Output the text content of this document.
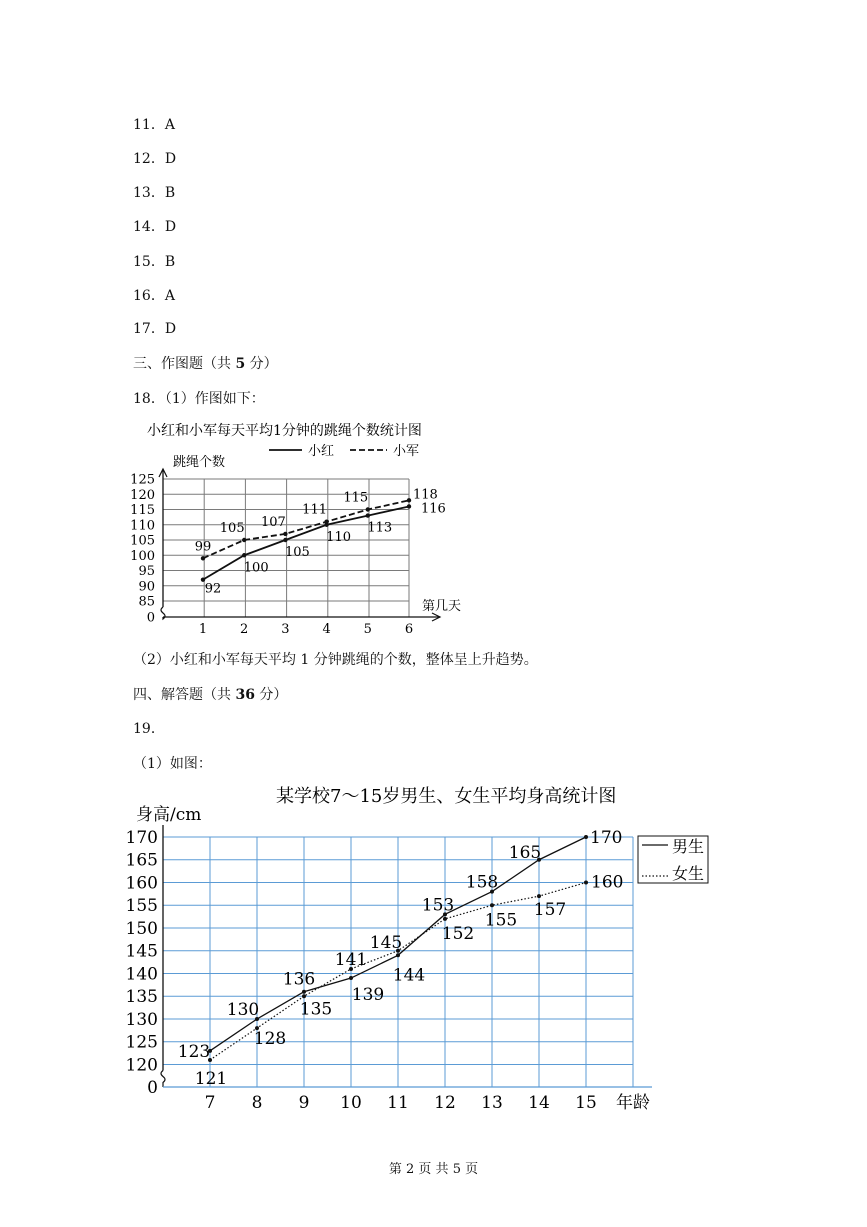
11．A
12．D
13．B
14．D
15．B
16．A
17．D
三、作图题（共 5 分）
18．（1）作图如下：
小红和小军每天平均1分钟的跳绳个数统计图
跳绳个数
小红	小军
0
85
90
95
100
105
110
115
120
125
1	2	3	4	5	6
92
100
105
110
113
116
99
105 107
111
115	118
第几天
（2）小红和小军每天平均 1 分钟跳绳的个数，整体呈上升趋势。
四、解答题（共 36 分）
19．
（1）如图：
某学校7～15岁男生、女生平均身高统计图
身高/cm
0
120
125
130
135
140
145
150
155
160
165
170
7 8 9 10 11 12 13 14 15
123
130
136
139
144
153
158
165
170
121
128
135
141
145 152
155
157
160
年龄
男生
女生
第 2 页 共 5 页
